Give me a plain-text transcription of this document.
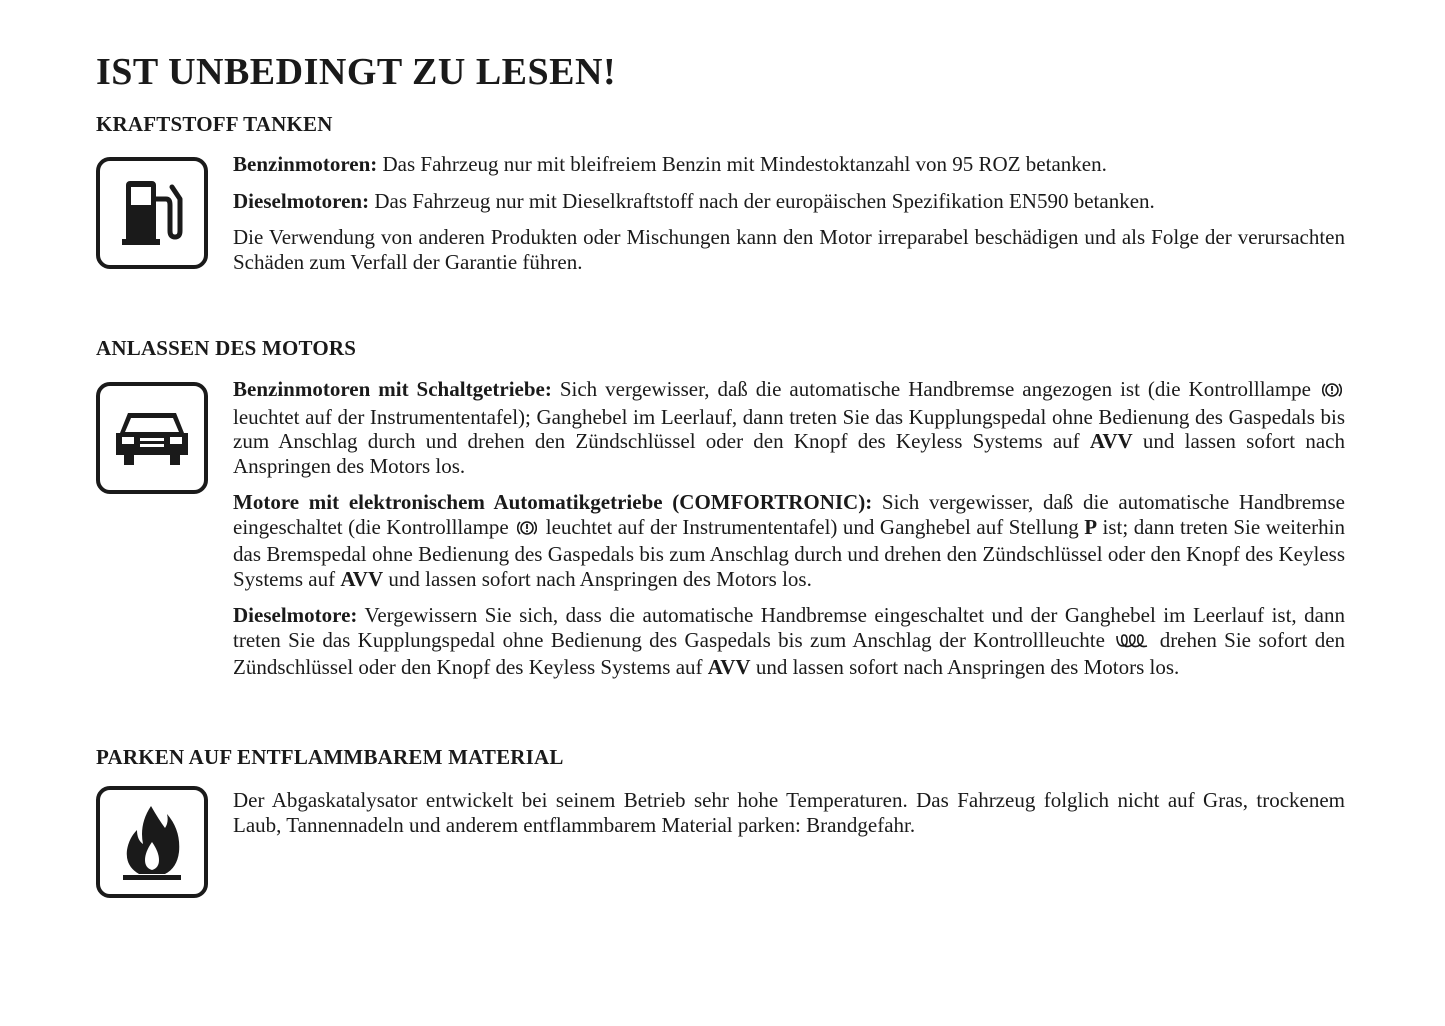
IST UNBEDINGT ZU LESEN!
KRAFTSTOFF TANKEN

Benzinmotoren: Das Fahrzeug nur mit bleifreiem Benzin mit Mindestoktanzahl von 95 ROZ betanken.

Dieselmotoren: Das Fahrzeug nur mit Dieselkraftstoff nach der europäischen Spezifikation EN590 betanken.

Die Verwendung von anderen Produkten oder Mischungen kann den Motor irreparabel beschädigen und als Folge der verursachten Schäden zum Verfall der Garantie führen.

ANLASSEN DES MOTORS

Benzinmotoren mit Schaltgetriebe: Sich vergewisser, daß die automatische Handbremse angezogen ist (die Kontrolllampe  leuchtet auf der Instrumententafel); Ganghebel im Leerlauf, dann treten Sie das Kupplungspedal ohne Bedienung des Gaspedals bis zum Anschlag durch und drehen den Zündschlüssel oder den Knopf des Keyless Systems auf AVV und lassen sofort nach Anspringen des Motors los.

Motore mit elektronischem Automatikgetriebe (COMFORTRONIC): Sich vergewisser, daß die automatische Handbremse eingeschaltet (die Kontrolllampe leuchtet auf der Instrumententafel) und Ganghebel auf Stellung P ist; dann treten Sie weiterhin das Bremspedal ohne Bedienung des Gaspedals bis zum Anschlag durch und drehen den Zündschlüssel oder den Knopf des Keyless Systems auf AVV und lassen sofort nach Anspringen des Motors los.

Dieselmotore: Vergewissern Sie sich, dass die automatische Handbremse eingeschaltet und der Ganghebel im Leerlauf ist, dann treten Sie das Kupplungspedal ohne Bedienung des Gaspedals bis zum Anschlag der Kontrollleuchte	drehen Sie sofort den Zündschlüssel oder den Knopf des Keyless Systems auf AVV und lassen sofort nach Anspringen des Motors los.

PARKEN AUF ENTFLAMMBAREM MATERIAL

Der Abgaskatalysator entwickelt bei seinem Betrieb sehr hohe Temperaturen. Das Fahrzeug folglich nicht auf Gras, trockenem Laub, Tannennadeln und anderem entflammbarem Material parken: Brandgefahr.
